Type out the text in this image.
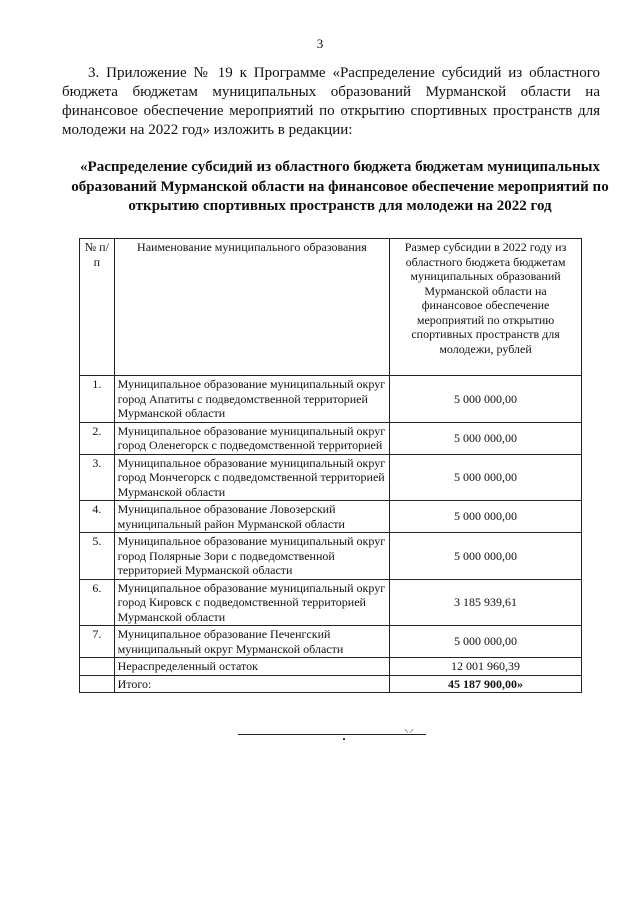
3

3. Приложение № 19 к Программе «Распределение субсидий из областного бюджета бюджетам муниципальных образований Мурманской области на финансовое обеспечение мероприятий по открытию спортивных пространств для молодежи на 2022 год» изложить в редакции:

«Распределение субсидий из областного бюджета бюджетам муниципальных образований Мурманской области на финансовое обеспечение мероприятий по открытию спортивных пространств для молодежи на 2022 год
№ п/п	Наименование муниципального образования	Размер субсидии в 2022 году из областного бюджета бюджетам муниципальных образований Мурманской области на финансовое обеспечение мероприятий по открытию спортивных пространств для молодежи, рублей
1.	Муниципальное образование муниципальный округ город Апатиты с подведомственной территорией Мурманской области	5 000 000,00
2.	Муниципальное образование муниципальный округ город Оленегорск с подведомственной территорией	5 000 000,00
3.	Муниципальное образование муниципальный округ город Мончегорск с подведомственной территорией Мурманской области	5 000 000,00
4.	Муниципальное образование Ловозерский муниципальный район Мурманской области	5 000 000,00
5.	Муниципальное образование муниципальный округ город Полярные Зори с подведомственной территорией Мурманской области	5 000 000,00
6.	Муниципальное образование муниципальный округ город Кировск с подведомственной территорией Мурманской области	3 185 939,61
7.	Муниципальное образование Печенгский муниципальный округ Мурманской области	5 000 000,00
	Нераспределенный остаток	12 001 960,39
	Итого:	45 187 900,00»
⸜⸝
